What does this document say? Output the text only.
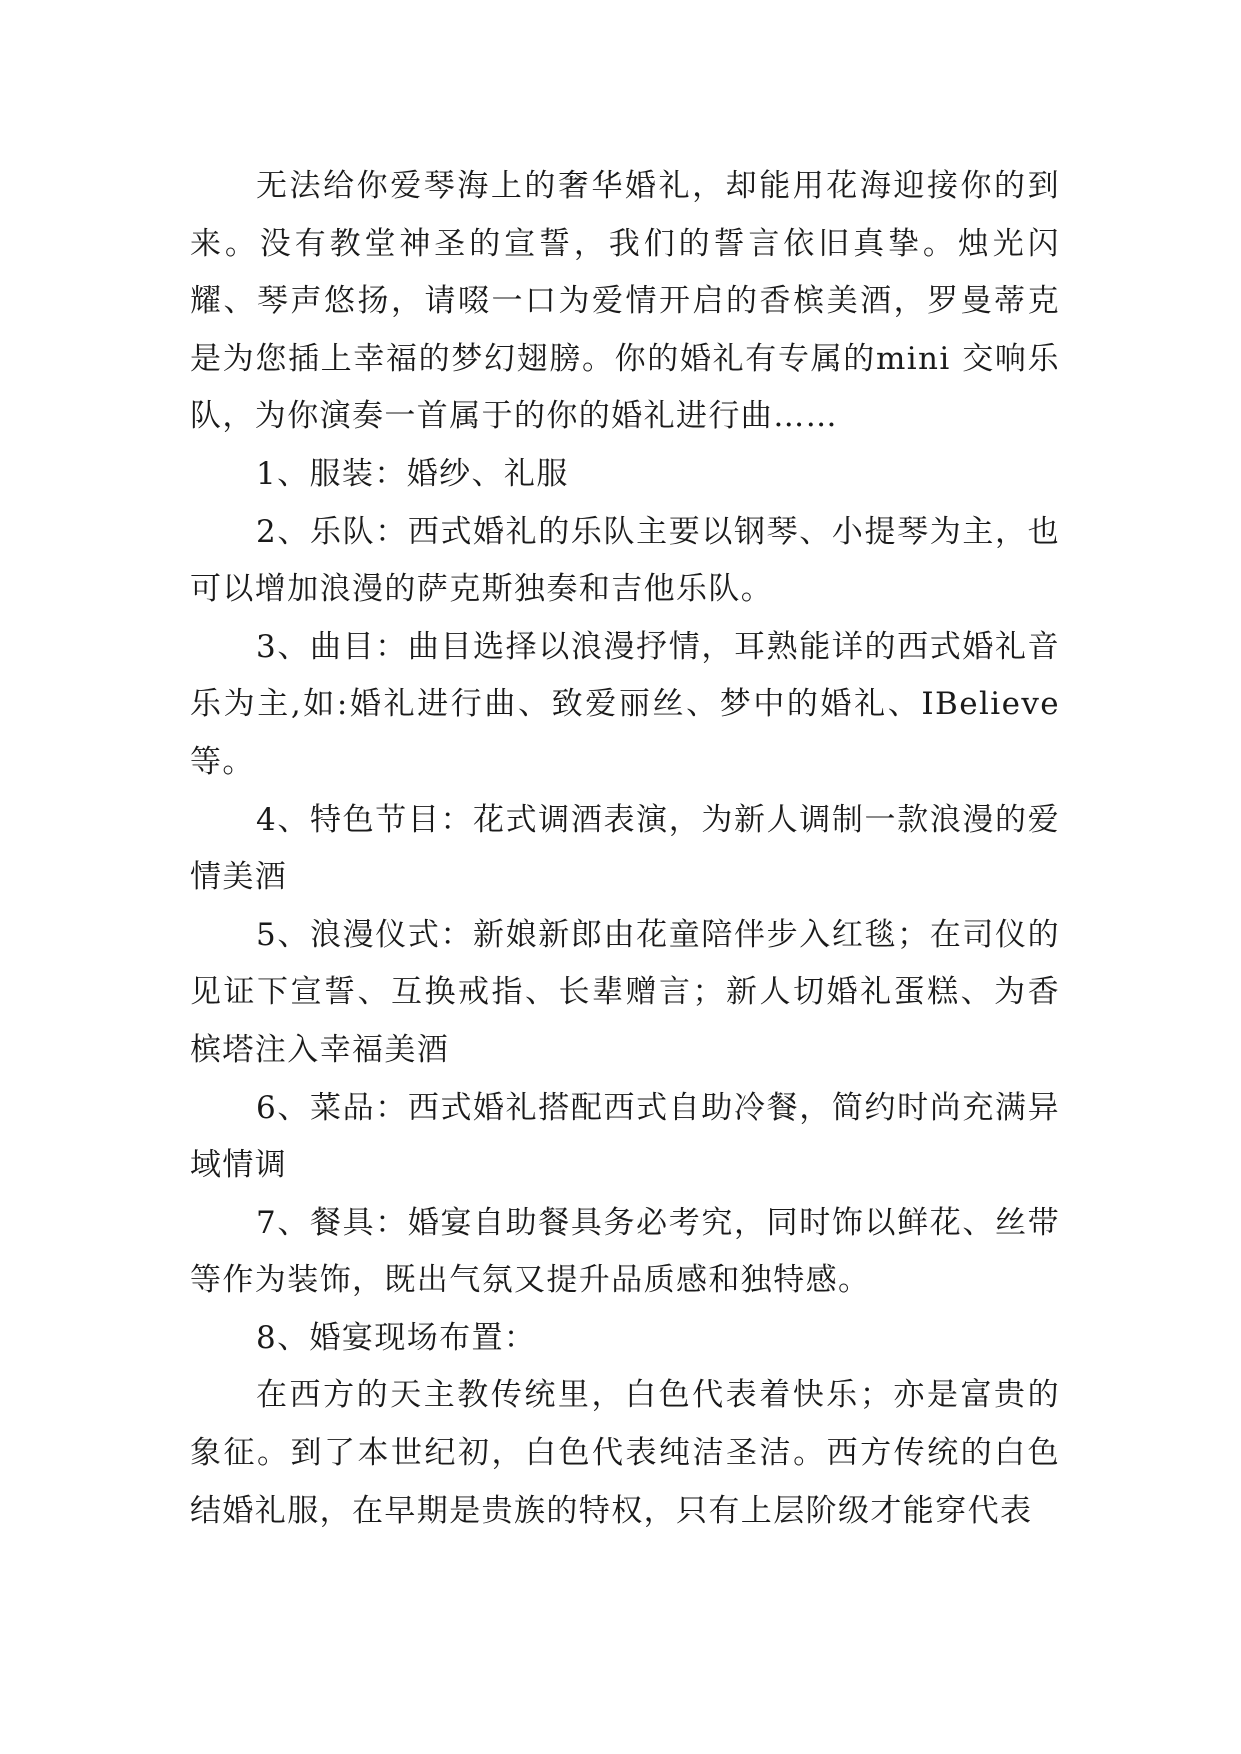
无法给你爱琴海上的奢华婚礼，却能用花海迎接你的到来。没有教堂神圣的宣誓，我们的誓言依旧真挚。烛光闪耀、琴声悠扬，请啜一口为爱情开启的香槟美酒，罗曼蒂克是为您插上幸福的梦幻翅膀。你的婚礼有专属的mini 交响乐队，为你演奏一首属于的你的婚礼进行曲……

1、服装：婚纱、礼服

2、乐队：西式婚礼的乐队主要以钢琴、小提琴为主，也可以增加浪漫的萨克斯独奏和吉他乐队。

3、曲目：曲目选择以浪漫抒情，耳熟能详的西式婚礼音乐为主,如:婚礼进行曲、致爱丽丝、梦中的婚礼、IBelieve等。

4、特色节目：花式调酒表演，为新人调制一款浪漫的爱情美酒

5、浪漫仪式：新娘新郎由花童陪伴步入红毯；在司仪的见证下宣誓、互换戒指、长辈赠言；新人切婚礼蛋糕、为香槟塔注入幸福美酒

6、菜品：西式婚礼搭配西式自助冷餐，简约时尚充满异域情调

7、餐具：婚宴自助餐具务必考究，同时饰以鲜花、丝带等作为装饰，既出气氛又提升品质感和独特感。

8、婚宴现场布置：

在西方的天主教传统里，白色代表着快乐；亦是富贵的象征。到了本世纪初，白色代表纯洁圣洁。西方传统的白色结婚礼服，在早期是贵族的特权，只有上层阶级才能穿代表
